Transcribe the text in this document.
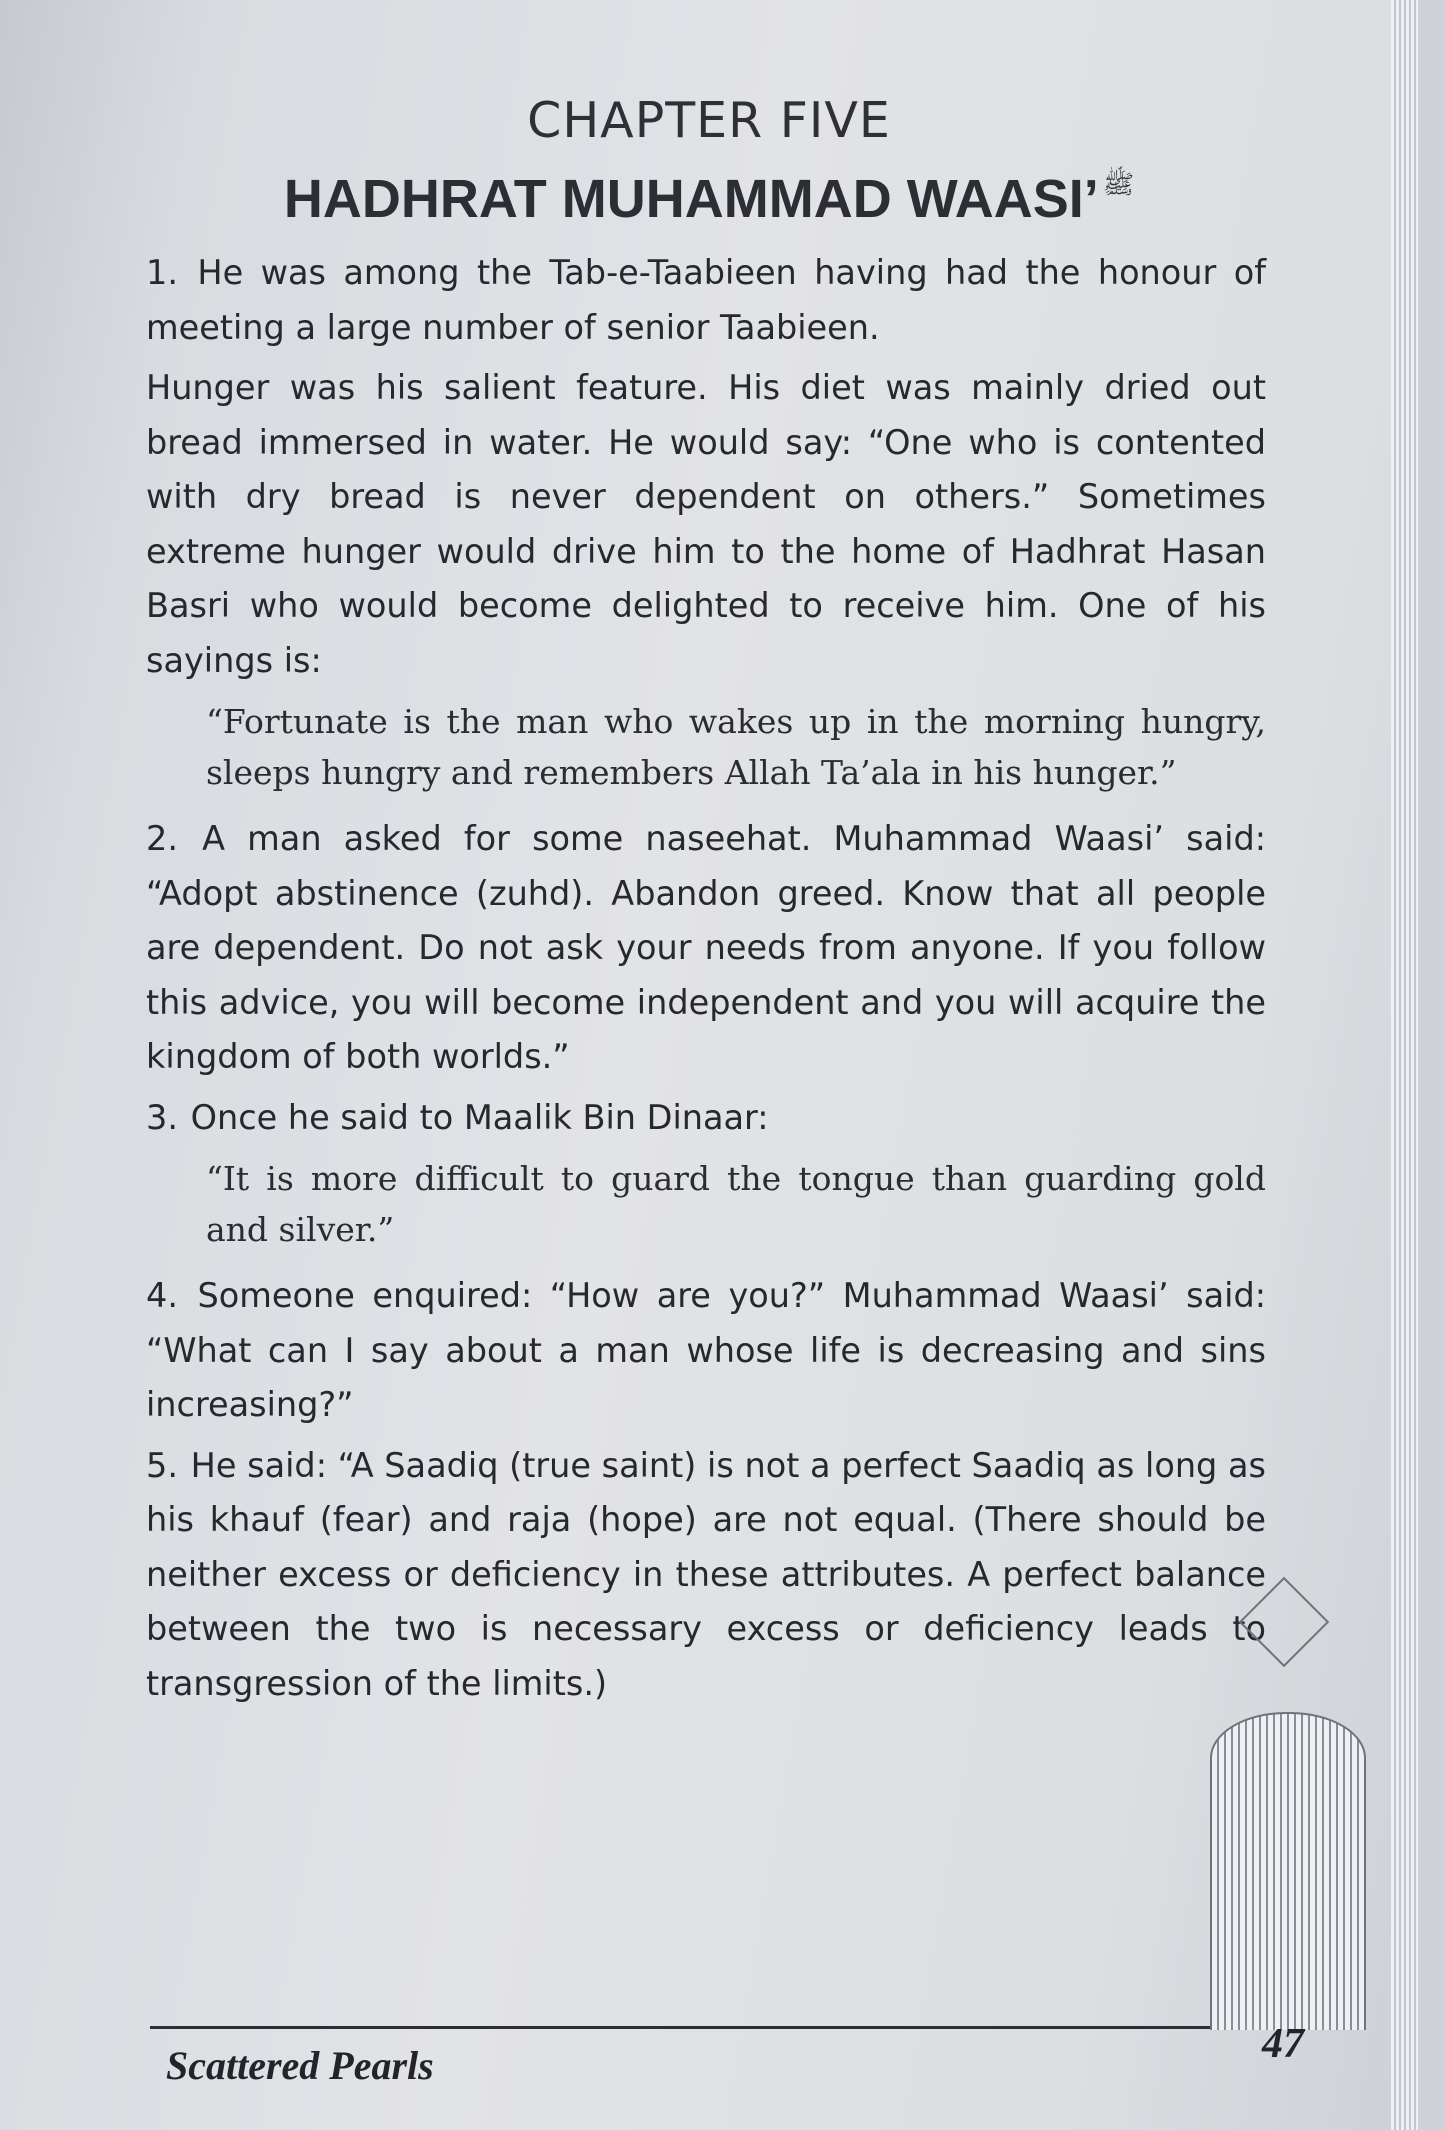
CHAPTER FIVE
HADHRAT MUHAMMAD WAASI’ $^ﷺ$

1. He was among the Tab-e-Taabieen having had the honour of meeting a large number of senior Taabieen.

Hunger was his salient feature. His diet was mainly dried out bread immersed in water. He would say: “One who is contented with dry bread is never dependent on others.” Sometimes extreme hunger would drive him to the home of Hadhrat Hasan Basri who would become delighted to receive him. One of his sayings is:

“Fortunate is the man who wakes up in the morning hungry, sleeps hungry and remembers Allah Ta’ala in his hunger.”

2. A man asked for some naseehat. Muhammad Waasi’ said: “Adopt abstinence (zuhd). Abandon greed. Know that all people are dependent. Do not ask your needs from anyone. If you follow this advice, you will become independent and you will acquire the kingdom of both worlds.”

3. Once he said to Maalik Bin Dinaar:

“It is more difficult to guard the tongue than guarding gold and silver.”

4. Someone enquired: “How are you?” Muhammad Waasi’ said: “What can I say about a man whose life is decreasing and sins increasing?”

5. He said: “A Saadiq (true saint) is not a perfect Saadiq as long as his khauf (fear) and raja (hope) are not equal. (There should be neither excess or deficiency in these attributes. A perfect balance between the two is necessary excess or deficiency leads to transgression of the limits.)

Scattered Pearls	47
